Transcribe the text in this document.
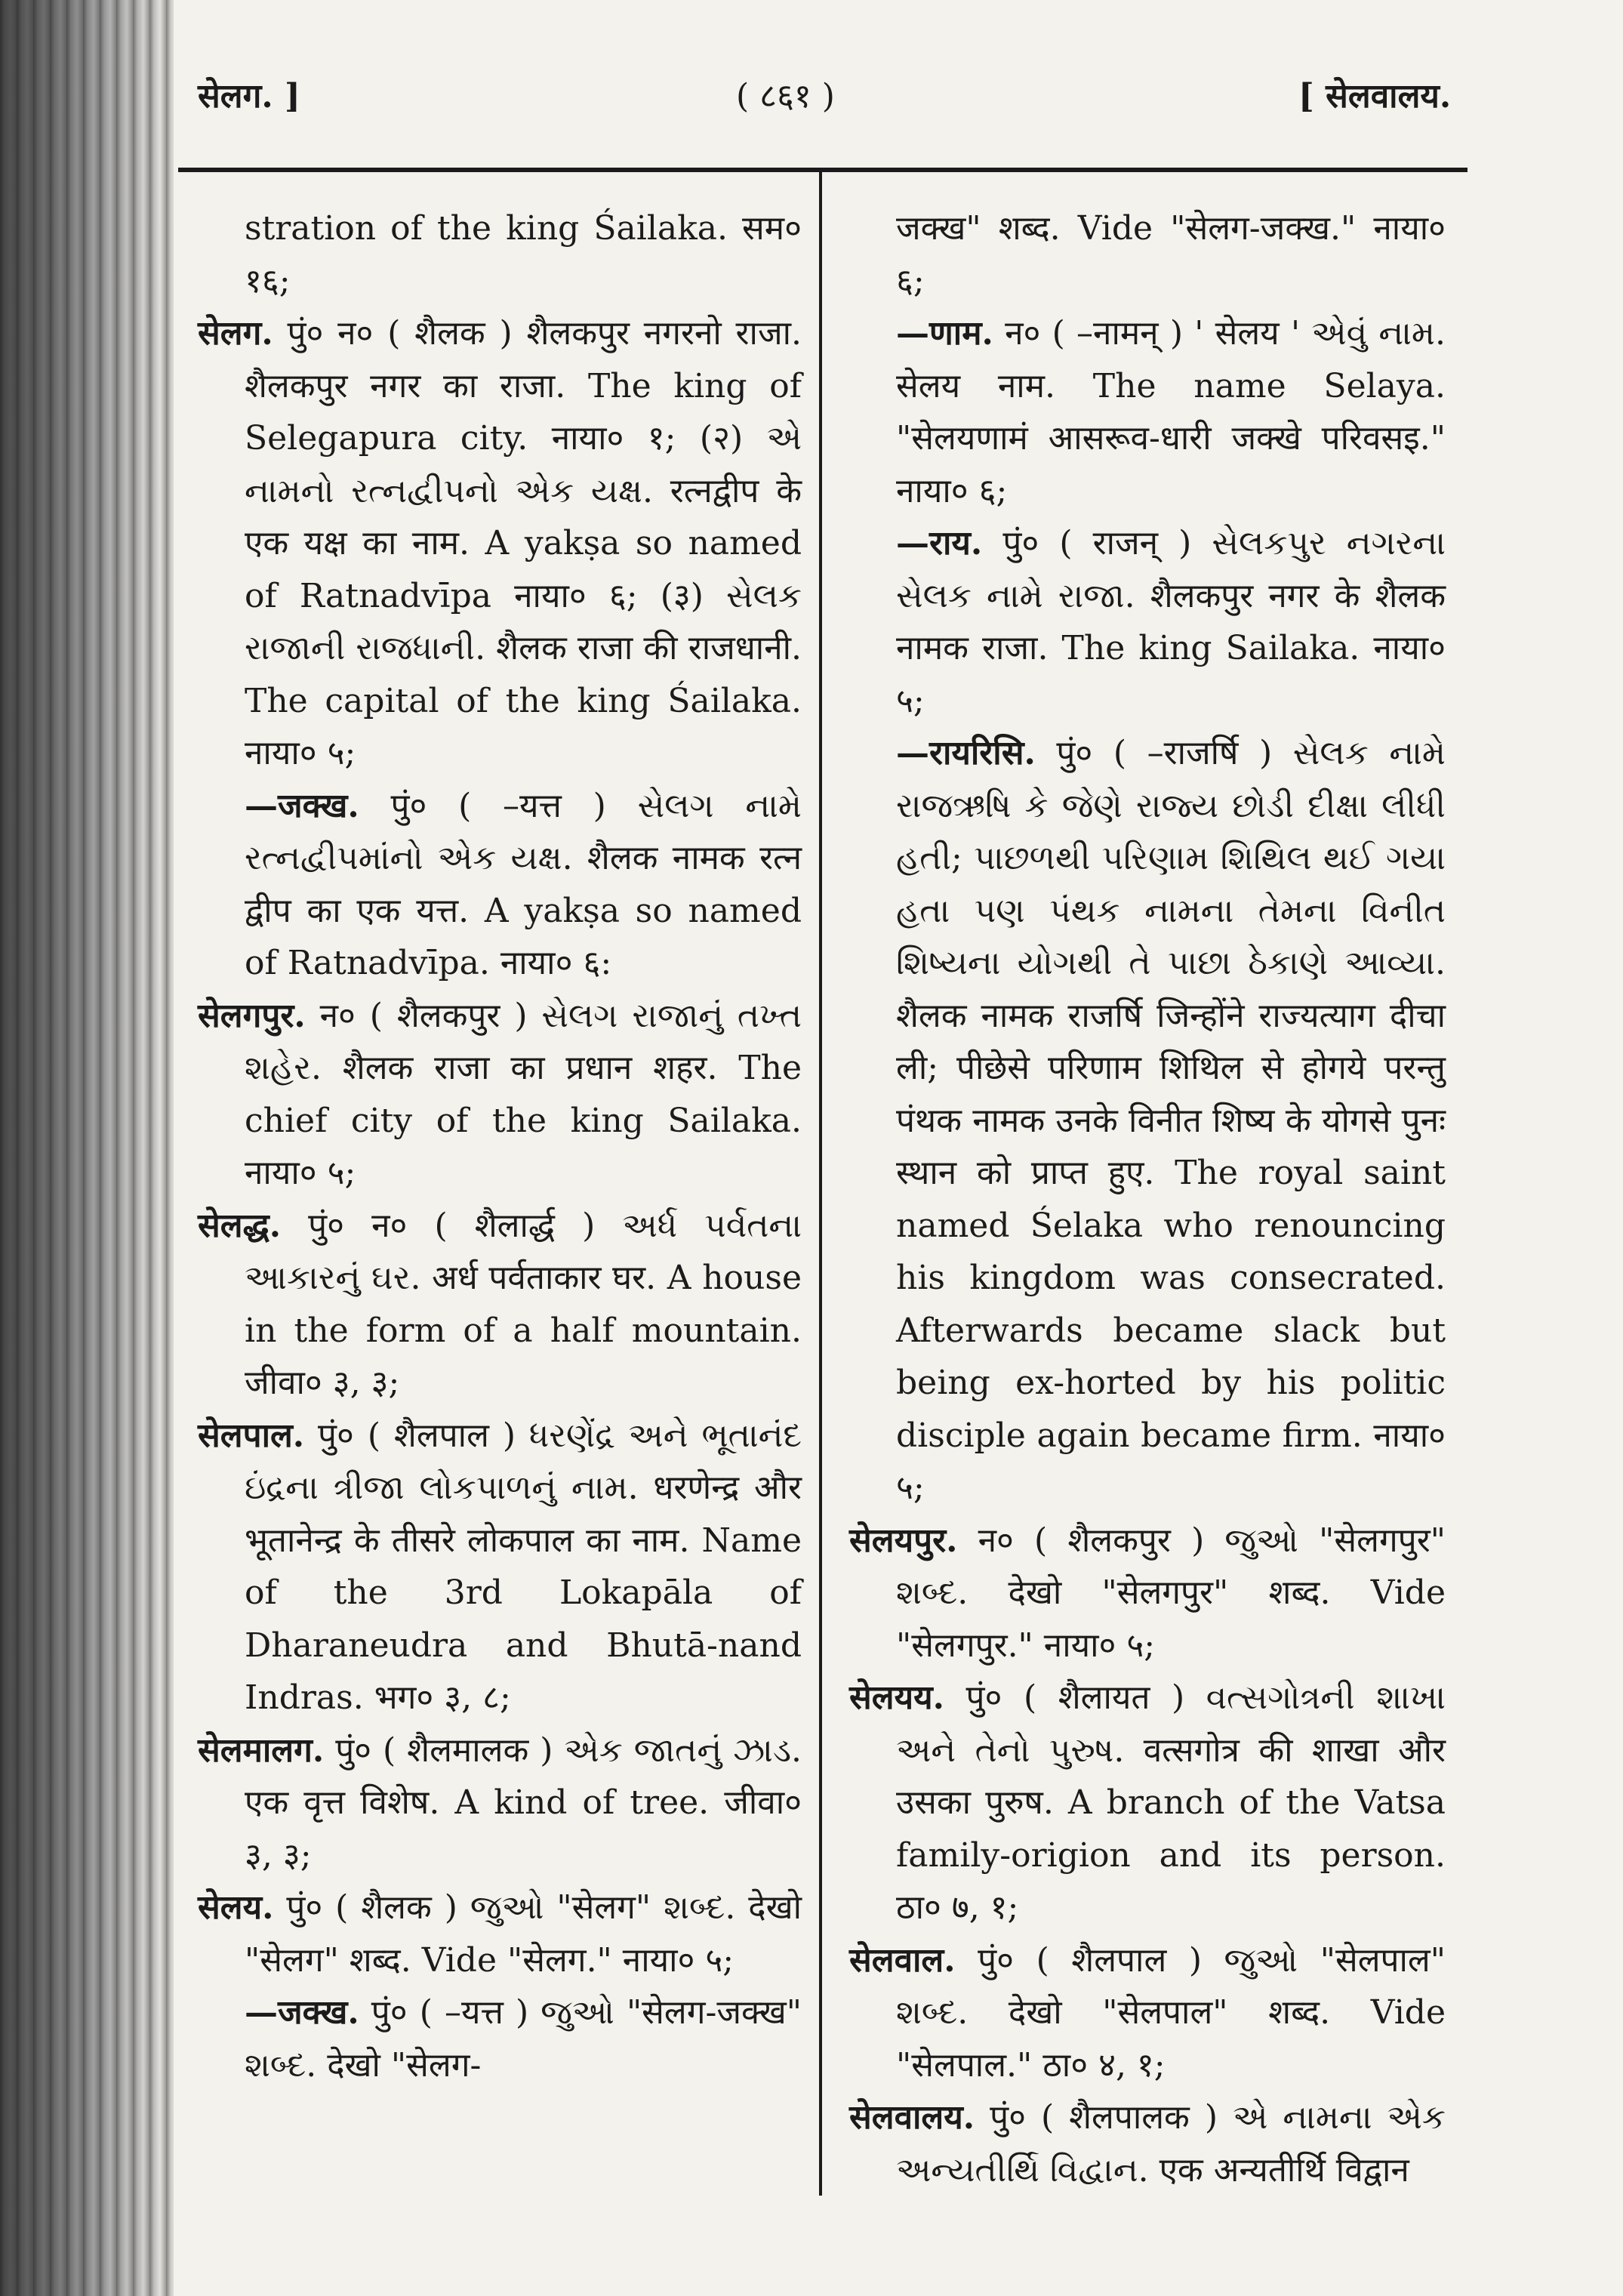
सेलग. ]	( ८६१ )	[ सेलवालय.

stration of the king Śailaka. सम० १६;

सेलग. पुं० न० ( शैलक ) शैलकपुर नगरनो राजा. शैलकपुर नगर का राजा. The king of Selegapura city. नाया० १; (२) એ નામનો રત્નદ્વીપનો એક યક્ષ. रत्नद्वीप के एक यक्ष का नाम. A yakṣa so named of Ratnadvīpa नाया० ६; (३) સેલક રાજાની રાજધાની. शैलक राजा की राजधानी. The capital of the king Śailaka. नाया० ५;

—जक्ख. पुं० ( –यत्त ) સેલગ નામે રત્નદ્વીપમાંનો એક યક્ષ. शैलक नामक रत्न द्वीप का एक यत्त. A yakṣa so named of Ratnadvīpa. नाया० ६:

सेलगपुर. न० ( शैलकपुर ) સેલગ રાજાનું તખ્ત શહેર. शैलक राजा का प्रधान शहर. The chief city of the king Sailaka. नाया० ५;

सेलद्ध. पुं० न० ( शैलार्द्ध ) અર્ધ પર્વતના આકારનું ઘર. अर्ध पर्वताकार घर. A house in the form of a half mountain. जीवा० ३, ३;

सेलपाल. पुं० ( शैलपाल ) ધરણેંદ્ર અને ભૂતાનંદ ઇંદ્રના ત્રીજા લોકપાળનું નામ. धरणेन्द्र और भूतानेन्द्र के तीसरे लोकपाल का नाम. Name of the 3rd Lokapāla of Dharaneudra and Bhutā-nand Indras. भग० ३, ८;

सेलमालग. पुं० ( शैलमालक ) એક જાતનું ઝાડ. एक वृत्त विशेष. A kind of tree. जीवा० ३, ३;

सेलय. पुं० ( शैलक ) જુઓ "सेलग" શબ્દ. देखो "सेलग" शब्द. Vide "सेलग." नाया० ५;

—जक्ख. पुं० ( –यत्त ) જુઓ "सेलग-जक्ख" શબ્દ. देखो "सेलग-

जक्ख" शब्द. Vide "सेलग-जक्ख." नाया० ६;

—णाम. न० ( –नामन् ) ' सेलय ' એવું નામ. सेलय नाम. The name Selaya. "सेलयणामं आसरूव-धारी जक्खे परिवसइ." नाया० ६;

—राय. पुं० ( राजन् ) સેલકપુર નગરના સેલક નામે રાજા. शैलकपुर नगर के शैलक नामक राजा. The king Sailaka. नाया० ५;

—रायरिसि. पुं० ( –राजर्षि ) સેલક નામે રાજઋષિ કે જેણે રાજ્ય છોડી દીક્ષા લીધી હતી; પાછળથી પરિણામ શિથિલ થઈ ગયા હતા પણ પંથક નામના તેમના વિનીત શિષ્યના યોગથી તે પાછા ઠેકાણે આવ્યા. शैलक नामक राजर्षि जिन्होंने राज्यत्याग दीचा ली; पीछेसे परिणाम शिथिल से होगये परन्तु पंथक नामक उनके विनीत शिष्य के योगसे पुनः स्थान को प्राप्त हुए. The royal saint named Śelaka who renouncing his kingdom was consecrated. Afterwards became slack but being ex-horted by his politic disciple again became firm. नाया० ५;

सेलयपुर. न० ( शैलकपुर ) જુઓ "सेलगपुर" શબ્દ. देखो "सेलगपुर" शब्द. Vide "सेलगपुर." नाया० ५;

सेलयय. पुं० ( शैलायत ) વત્સગોત્રની શાખા અને તેનો પુરુષ. वत्सगोत्र की शाखा और उसका पुरुष. A branch of the Vatsa family-origion and its person. ठा० ७, १;

सेलवाल. पुं० ( शैलपाल ) જુઓ "सेलपाल" શબ્દ. देखो "सेलपाल" शब्द. Vide "सेलपाल." ठा० ४, १;

सेलवालय. पुं० ( शैलपालक ) એ નામના એક અન્યતીર્થિ વિદ્વાન. एक अन्यतीर्थि विद्वान
